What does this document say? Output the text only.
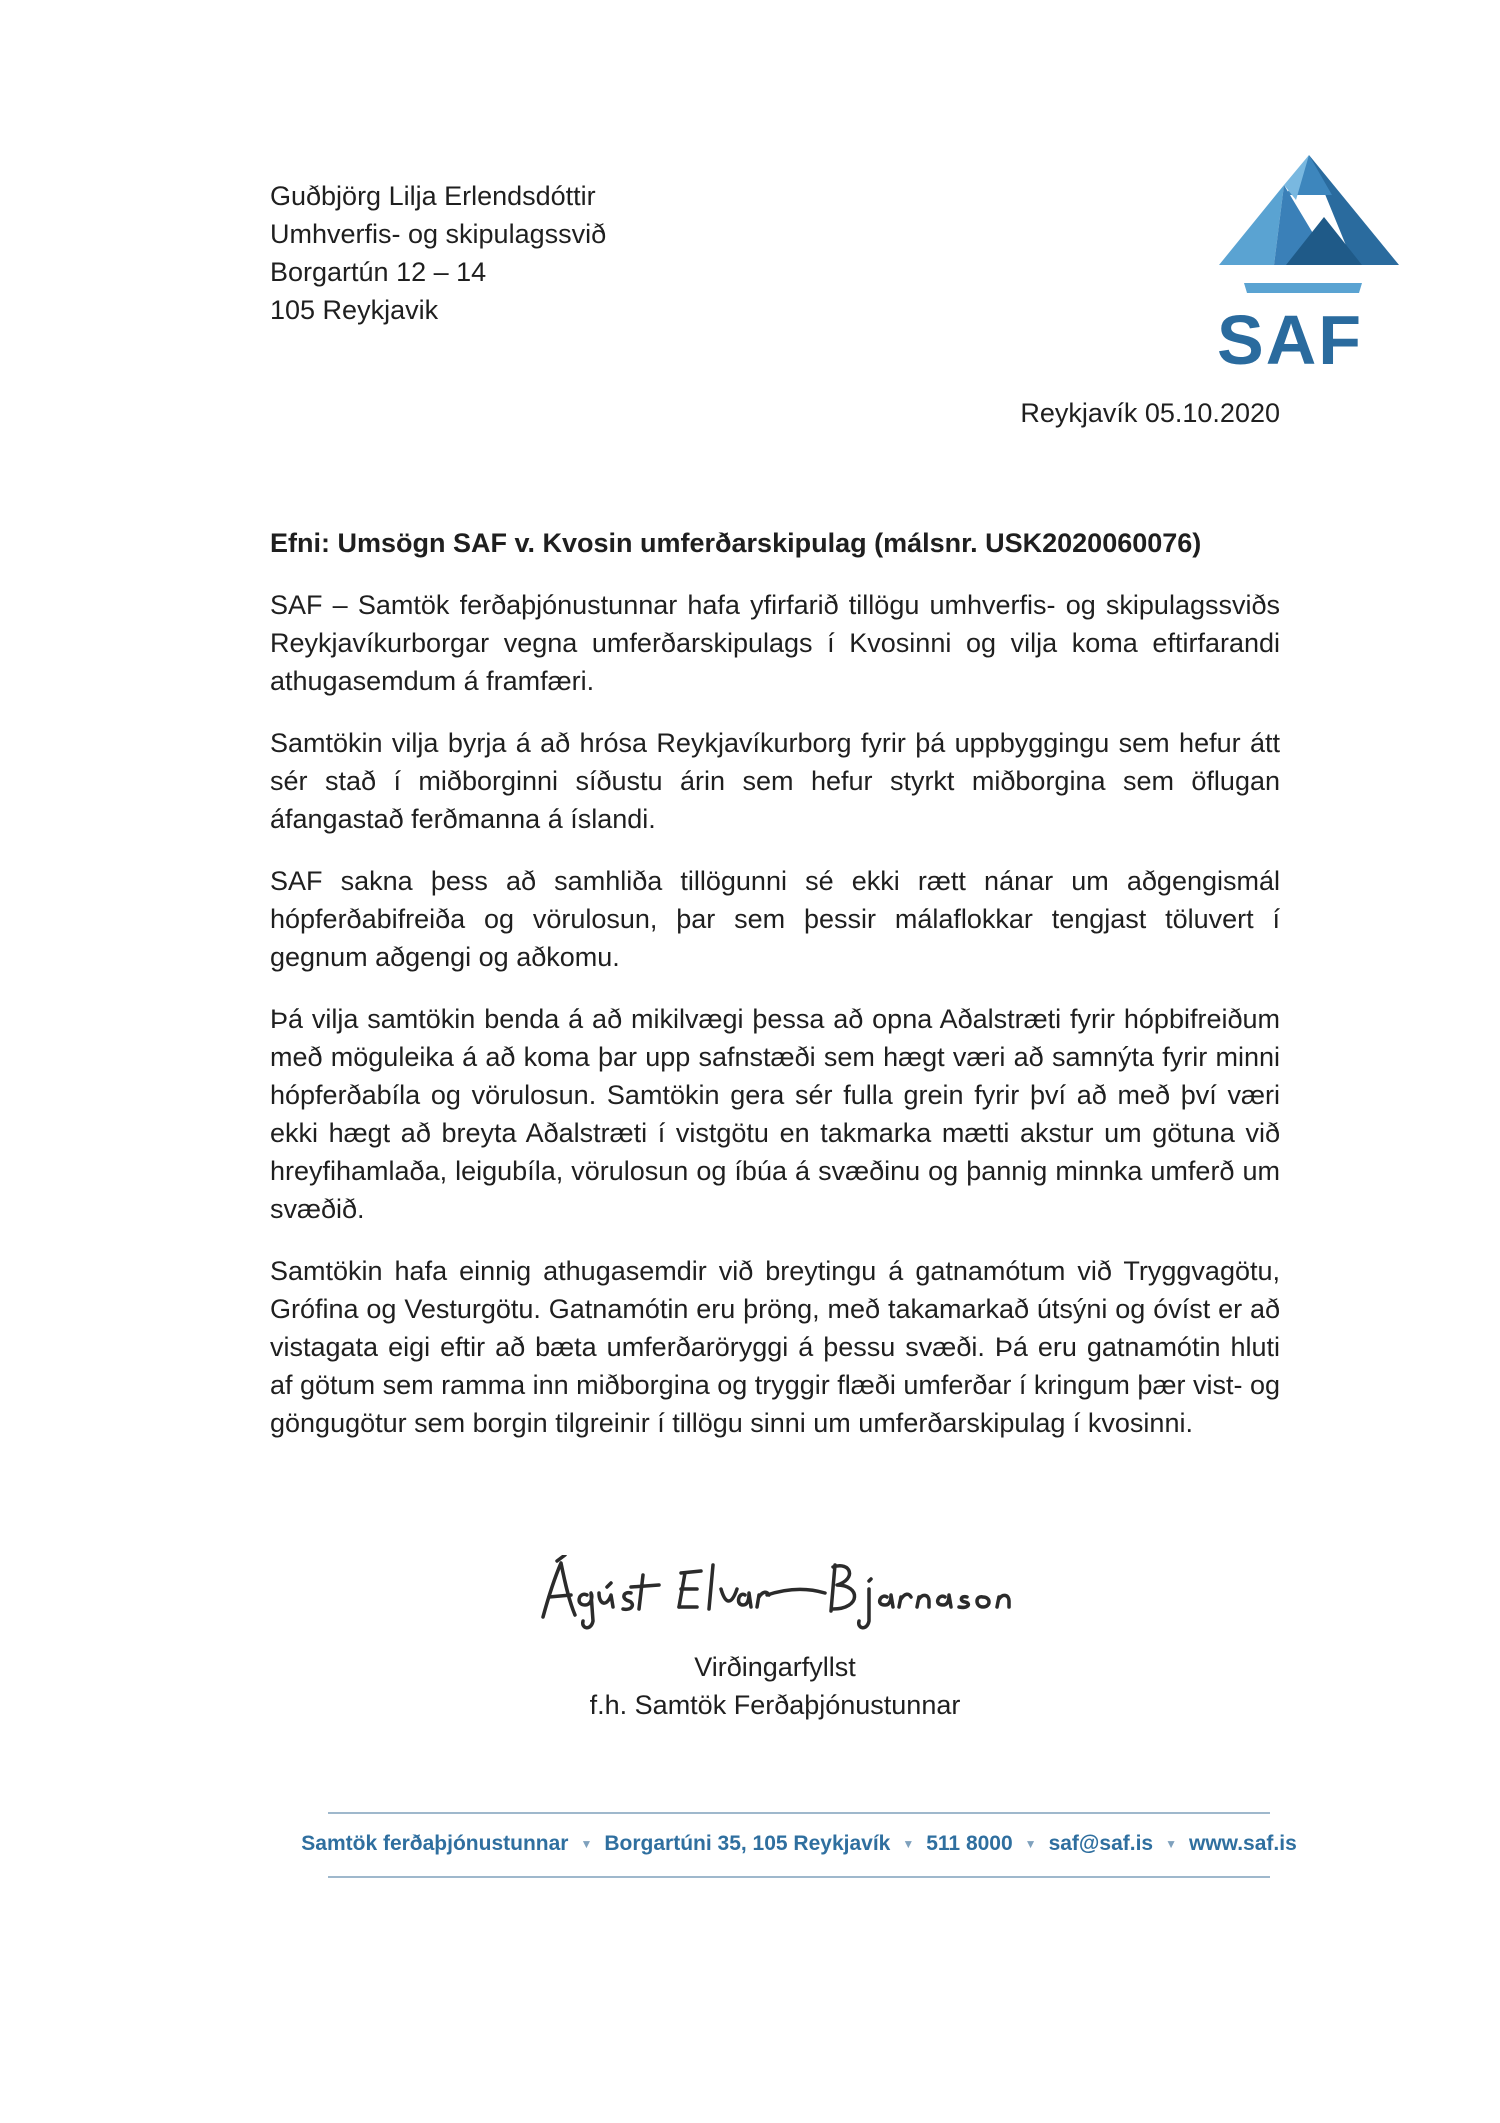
Guðbjörg Lilja Erlendsdóttir
Umhverfis- og skipulagssvið
Borgartún 12 – 14
105 Reykjavik	SAF
Reykjavík 05.10.2020

Efni: Umsögn SAF v. Kvosin umferðarskipulag (málsnr. USK2020060076)

SAF – Samtök ferðaþjónustunnar hafa yfirfarið tillögu umhverfis- og skipulagssviðs Reykjavíkurborgar vegna umferðarskipulags í Kvosinni og vilja koma eftirfarandi athugasemdum á framfæri.

Samtökin vilja byrja á að hrósa Reykjavíkurborg fyrir þá uppbyggingu sem hefur átt sér stað í miðborginni síðustu árin sem hefur styrkt miðborgina sem öflugan áfangastað ferðmanna á íslandi.

SAF sakna þess að samhliða tillögunni sé ekki rætt nánar um aðgengismál hópferðabifreiða og vörulosun, þar sem þessir málaflokkar tengjast töluvert í gegnum aðgengi og aðkomu.

Þá vilja samtökin benda á að mikilvægi þessa að opna Aðalstræti fyrir hópbifreiðum með möguleika á að koma þar upp safnstæði sem hægt væri að samnýta fyrir minni hópferðabíla og vörulosun. Samtökin gera sér fulla grein fyrir því að með því væri ekki hægt að breyta Aðalstræti í vistgötu en takmarka mætti akstur um götuna við hreyfihamlaða, leigubíla, vörulosun og íbúa á svæðinu og þannig minnka umferð um svæðið.

Samtökin hafa einnig athugasemdir við breytingu á gatnamótum við Tryggvagötu, Grófina og Vesturgötu. Gatnamótin eru þröng, með takamarkað útsýni og óvíst er að vistagata eigi eftir að bæta umferðaröryggi á þessu svæði. Þá eru gatnamótin hluti af götum sem ramma inn miðborgina og tryggir flæði umferðar í kringum þær vist- og göngugötur sem borgin tilgreinir í tillögu sinni um umferðarskipulag í kvosinni.

Virðingarfyllst
f.h. Samtök Ferðaþjónustunnar
Samtök ferðaþjónustunnar ▼ Borgartúni 35, 105 Reykjavík ▼ 511 8000 ▼ saf@saf.is ▼ www.saf.is
